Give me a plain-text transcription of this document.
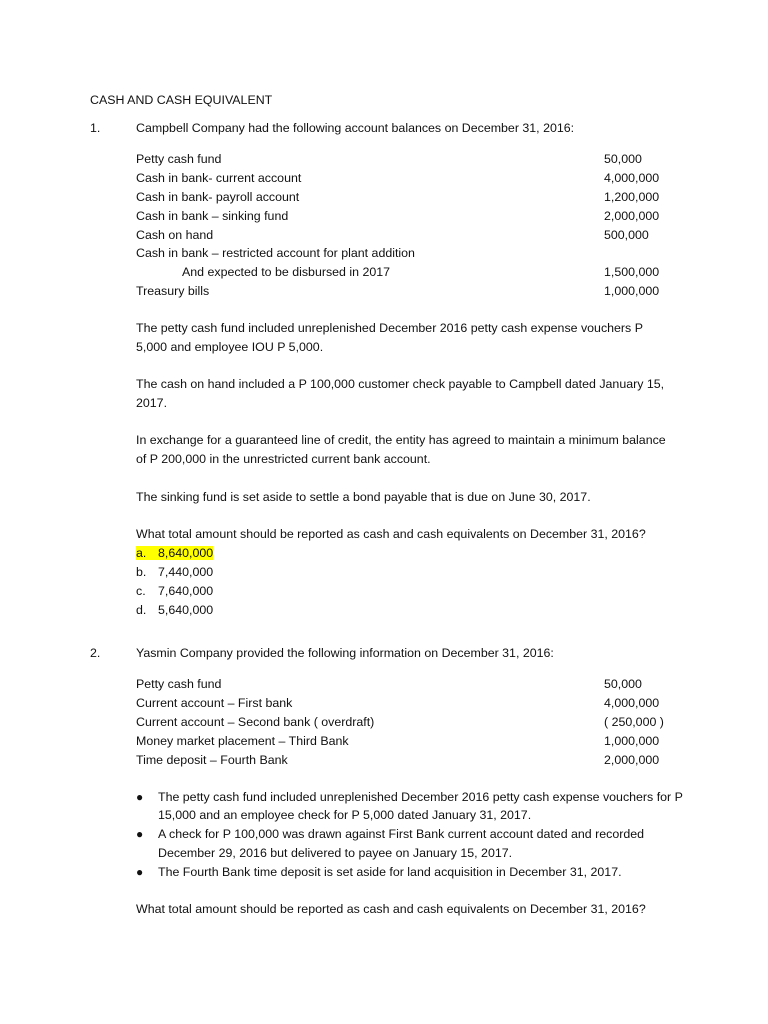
CASH AND CASH EQUIVALENT
1.	Campbell Company had the following account balances on December 31, 2016:
Petty cash fund	50,000
Cash in bank- current account	4,000,000
Cash in bank- payroll account	1,200,000
Cash in bank – sinking fund	2,000,000
Cash on hand	500,000
Cash in bank – restricted account for plant addition
And expected to be disbursed in 2017	1,500,000
Treasury bills	1,000,000
The petty cash fund included unreplenished December 2016 petty cash expense vouchers P 5,000 and employee IOU P 5,000.
The cash on hand included a P 100,000 customer check payable to Campbell dated January 15, 2017.
In exchange for a guaranteed line of credit, the entity has agreed to maintain a minimum balance of P 200,000 in the unrestricted current bank account.
The sinking fund is set aside to settle a bond payable that is due on June 30, 2017.
What total amount should be reported as cash and cash equivalents on December 31, 2016?
a. 8,640,000
b. 7,440,000
c. 7,640,000
d. 5,640,000
2.	Yasmin Company provided the following information on December 31, 2016:
Petty cash fund	50,000
Current account – First bank	4,000,000
Current account – Second bank ( overdraft)	( 250,000 )
Money market placement – Third Bank	1,000,000
Time deposit – Fourth Bank	2,000,000
●	The petty cash fund included unreplenished December 2016 petty cash expense vouchers for P 15,000 and an employee check for P 5,000 dated January 31, 2017.
●	A check for P 100,000 was drawn against First Bank current account dated and recorded December 29, 2016 but delivered to payee on January 15, 2017.
●	The Fourth Bank time deposit is set aside for land acquisition in December 31, 2017.
What total amount should be reported as cash and cash equivalents on December 31, 2016?
